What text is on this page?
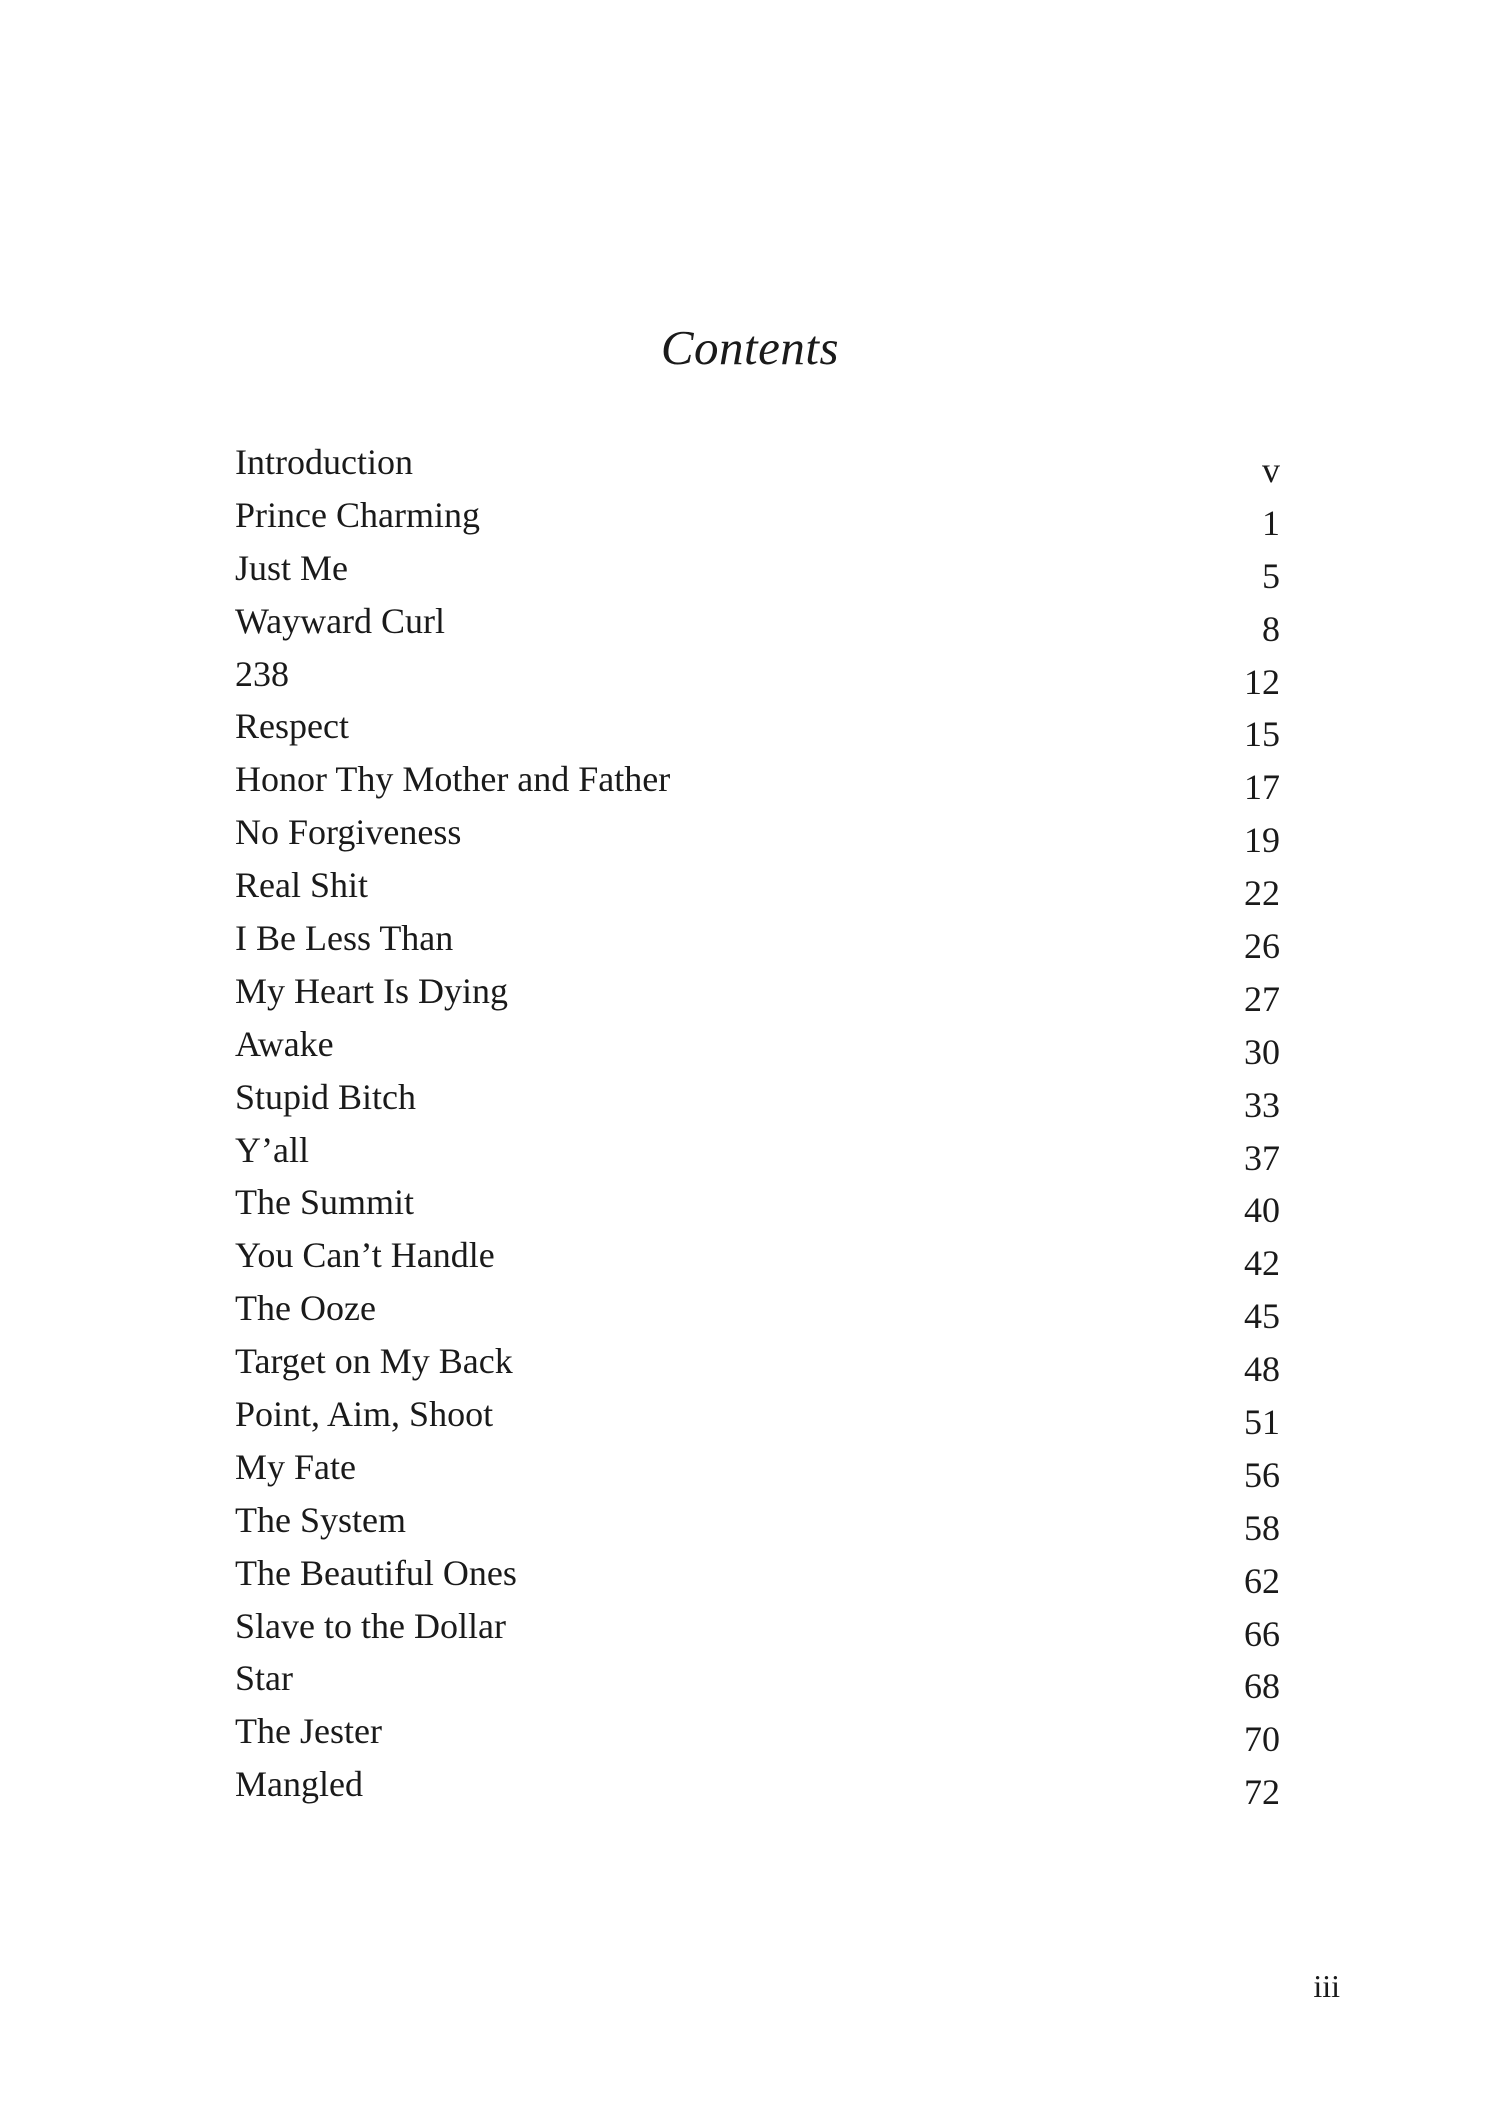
Contents
Introduction	v
Prince Charming	1
Just Me	5
Wayward Curl	8
238	12
Respect	15
Honor Thy Mother and Father	17
No Forgiveness	19
Real Shit	22
I Be Less Than	26
My Heart Is Dying	27
Awake	30
Stupid Bitch	33
Y’all	37
The Summit	40
You Can’t Handle	42
The Ooze	45
Target on My Back	48
Point, Aim, Shoot	51
My Fate	56
The System	58
The Beautiful Ones	62
Slave to the Dollar	66
Star	68
The Jester	70
Mangled	72
iii
